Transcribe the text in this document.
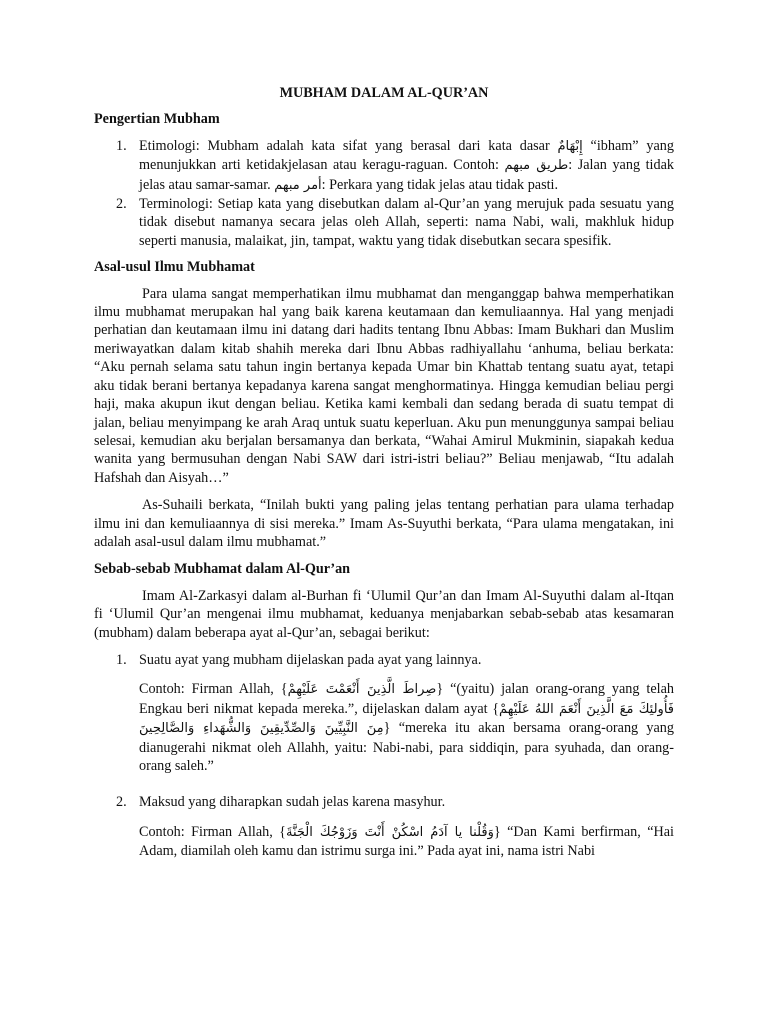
MUBHAM DALAM AL-QUR’AN
Pengertian Mubham
1. Etimologi: Mubham adalah kata sifat yang berasal dari kata dasar إِبْهَامٌ “ibham” yang menunjukkan arti ketidakjelasan atau keragu-raguan. Contoh: طريق مبهم: Jalan yang tidak jelas atau samar-samar. أمر مبهم: Perkara yang tidak jelas atau tidak pasti.
2. Terminologi: Setiap kata yang disebutkan dalam al-Qur’an yang merujuk pada sesuatu yang tidak disebut namanya secara jelas oleh Allah, seperti: nama Nabi, wali, makhluk hidup seperti manusia, malaikat, jin, tampat, waktu yang tidak disebutkan secara spesifik.
Asal-usul Ilmu Mubhamat

Para ulama sangat memperhatikan ilmu mubhamat dan menganggap bahwa memperhatikan ilmu mubhamat merupakan hal yang baik karena keutamaan dan kemuliaannya. Hal yang menjadi perhatian dan keutamaan ilmu ini datang dari hadits tentang Ibnu Abbas: Imam Bukhari dan Muslim meriwayatkan dalam kitab shahih mereka dari Ibnu Abbas radhiyallahu ‘anhuma, beliau berkata: “Aku pernah selama satu tahun ingin bertanya kepada Umar bin Khattab tentang suatu ayat, tetapi aku tidak berani bertanya kepadanya karena sangat menghormatinya. Hingga kemudian beliau pergi haji, maka akupun ikut dengan beliau. Ketika kami kembali dan sedang berada di suatu tempat di jalan, beliau menyimpang ke arah Araq untuk suatu keperluan. Aku pun menunggunya sampai beliau selesai, kemudian aku berjalan bersamanya dan berkata, “Wahai Amirul Mukminin, siapakah kedua wanita yang bermusuhan dengan Nabi SAW dari istri-istri beliau?” Beliau menjawab, “Itu adalah Hafshah dan Aisyah…”

As-Suhaili berkata, “Inilah bukti yang paling jelas tentang perhatian para ulama terhadap ilmu ini dan kemuliaannya di sisi mereka.” Imam As-Suyuthi berkata, “Para ulama mengatakan, ini adalah asal-usul dalam ilmu mubhamat.”

Sebab-sebab Mubhamat dalam Al-Qur’an

Imam Al-Zarkasyi dalam al-Burhan fi ‘Ulumil Qur’an dan Imam Al-Suyuthi dalam al-Itqan fi ‘Ulumil Qur’an mengenai ilmu mubhamat, keduanya menjabarkan sebab-sebab atas kesamaran (mubham) dalam beberapa ayat al-Qur’an, sebagai berikut:

1. Suatu ayat yang mubham dijelaskan pada ayat yang lainnya.

Contoh: Firman Allah, {صِراطَ الَّذِينَ أَنْعَمْتَ عَلَيْهِمْ} “(yaitu) jalan orang-orang yang telah Engkau beri nikmat kepada mereka.”, dijelaskan dalam ayat {فَأُولئِكَ مَعَ الَّذِينَ أَنْعَمَ اللهُ عَلَيْهِمْ مِنَ النَّبِيِّينَ وَالصِّدِّيقِينَ وَالشُّهَداءِ وَالصَّالِحِينَ} “mereka itu akan bersama orang-orang yang dianugerahi nikmat oleh Allahh, yaitu: Nabi-nabi, para siddiqin, para syuhada, dan orang-orang saleh.”

2. Maksud yang diharapkan sudah jelas karena masyhur.

Contoh: Firman Allah, {وَقُلْنا يا آدَمُ اسْكُنْ أَنْتَ وَزَوْجُكَ الْجَنَّةَ} “Dan Kami berfirman, “Hai Adam, diamilah oleh kamu dan istrimu surga ini.” Pada ayat ini, nama istri Nabi
